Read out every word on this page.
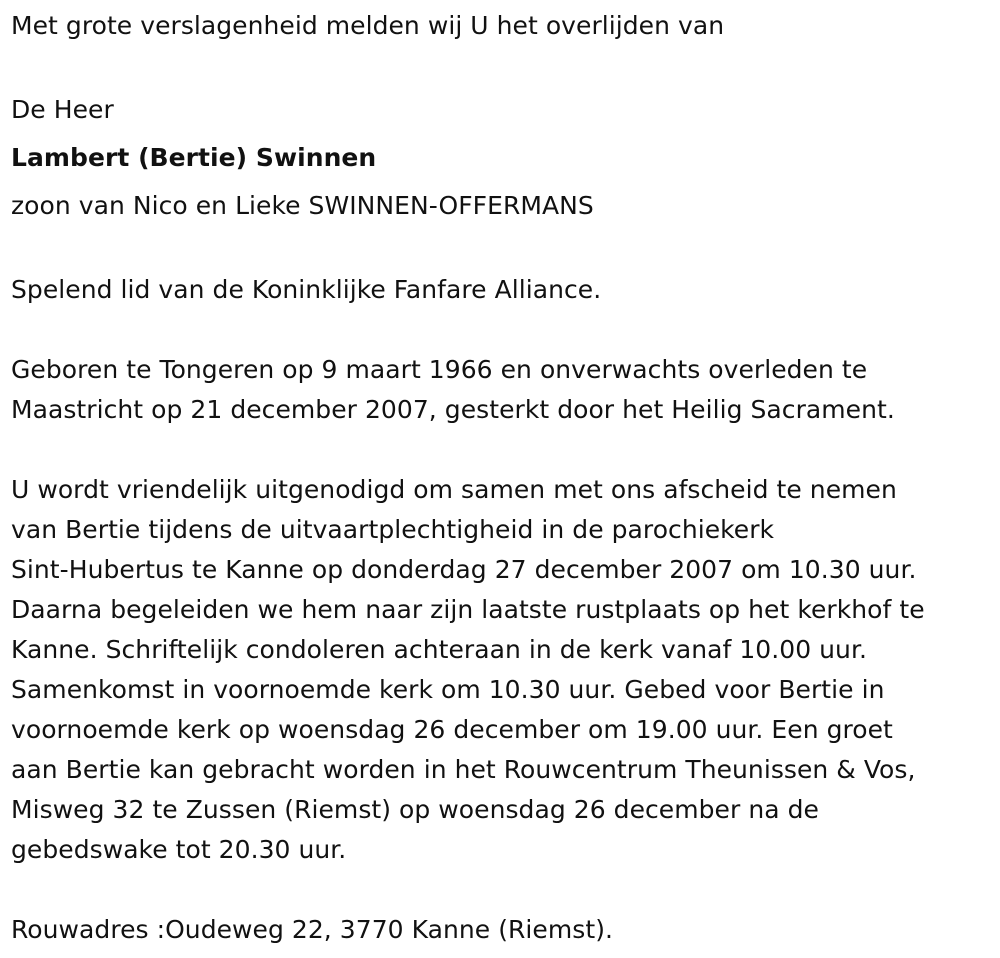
Met grote verslagenheid melden wij U het overlijden van
De Heer
Lambert (Bertie) Swinnen
zoon van Nico en Lieke SWINNEN-OFFERMANS
Spelend lid van de Koninklijke Fanfare Alliance.
Geboren te Tongeren op 9 maart 1966 en onverwachts overleden te
Maastricht op 21 december 2007, gesterkt door het Heilig Sacrament.
U wordt vriendelijk uitgenodigd om samen met ons afscheid te nemen
van Bertie tijdens de uitvaartplechtigheid in de parochiekerk
Sint-Hubertus te Kanne op donderdag 27 december 2007 om 10.30 uur.
Daarna begeleiden we hem naar zijn laatste rustplaats op het kerkhof te
Kanne. Schriftelijk condoleren achteraan in de kerk vanaf 10.00 uur.
Samenkomst in voornoemde kerk om 10.30 uur. Gebed voor Bertie in
voornoemde kerk op woensdag 26 december om 19.00 uur. Een groet
aan Bertie kan gebracht worden in het Rouwcentrum Theunissen & Vos,
Misweg 32 te Zussen (Riemst) op woensdag 26 december na de
gebedswake tot 20.30 uur.
Rouwadres :Oudeweg 22, 3770 Kanne (Riemst).
